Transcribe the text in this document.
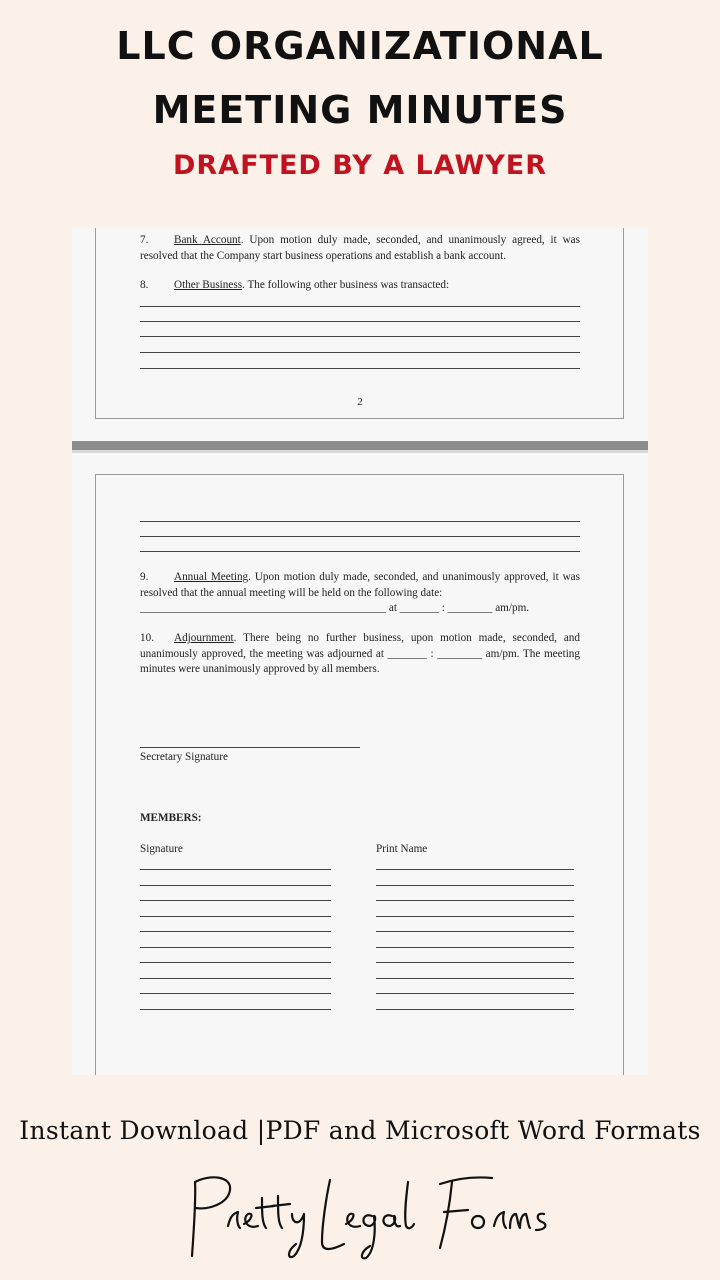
LLC ORGANIZATIONAL
MEETING MINUTES
DRAFTED BY A LAWYER
7. Bank Account. Upon motion duly made, seconded, and unanimously agreed, it was resolved that the Company start business operations and establish a bank account.
8. Other Business. The following other business was transacted:
2
9. Annual Meeting. Upon motion duly made, seconded, and unanimously approved, it was resolved that the annual meeting will be held on the following date:
____________________________________________ at _______ : ________ am/pm.
10. Adjournment. There being no further business, upon motion made, seconded, and unanimously approved, the meeting was adjourned at _______ : ________ am/pm. The meeting minutes were unanimously approved by all members.
Secretary Signature
MEMBERS:
Signature	Print Name
Instant Download |PDF and Microsoft Word Formats
